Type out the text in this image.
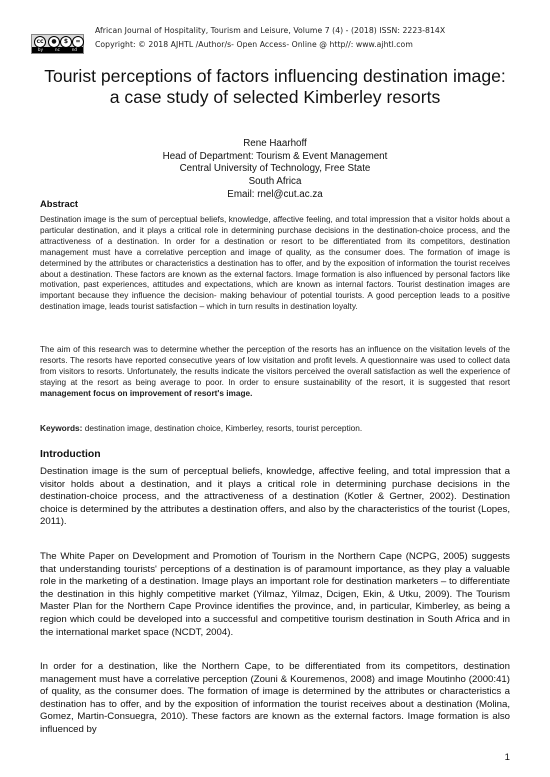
cc	●	$	=
by	nc	nd
African Journal of Hospitality, Tourism and Leisure, Volume 7 (4) - (2018) ISSN: 2223-814X
Copyright: © 2018 AJHTL /Author/s- Open Access- Online @ http//: www.ajhtl.com
Tourist perceptions of factors influencing destination image: a case study of selected Kimberley resorts
Rene Haarhoff
Head of Department: Tourism & Event Management
Central University of Technology, Free State
South Africa
Email: rnel@cut.ac.za
Abstract
Destination image is the sum of perceptual beliefs, knowledge, affective feeling, and total impression that a visitor holds about a particular destination, and it plays a critical role in determining purchase decisions in the destination-choice process, and the attractiveness of a destination. In order for a destination or resort to be differentiated from its competitors, destination management must have a correlative perception and image of quality, as the consumer does. The formation of image is determined by the attributes or characteristics a destination has to offer, and by the exposition of information the tourist receives about a destination. These factors are known as the external factors. Image formation is also influenced by personal factors like motivation, past experiences, attitudes and expectations, which are known as internal factors. Tourist destination images are important because they influence the decision- making behaviour of potential tourists. A good perception leads to a positive destination image, leads tourist satisfaction – which in turn results in destination loyalty.
The aim of this research was to determine whether the perception of the resorts has an influence on the visitation levels of the resorts. The resorts have reported consecutive years of low visitation and profit levels. A questionnaire was used to collect data from visitors to resorts. Unfortunately, the results indicate the visitors perceived the overall satisfaction as well the experience of staying at the resort as being average to poor. In order to ensure sustainability of the resort, it is suggested that resort management focus on improvement of resort's image.
Keywords: destination image, destination choice, Kimberley, resorts, tourist perception.
Introduction
Destination image is the sum of perceptual beliefs, knowledge, affective feeling, and total impression that a visitor holds about a destination, and it plays a critical role in determining purchase decisions in the destination-choice process, and the attractiveness of a destination (Kotler & Gertner, 2002). Destination choice is determined by the attributes a destination offers, and also by the characteristics of the tourist (Lopes, 2011).
The White Paper on Development and Promotion of Tourism in the Northern Cape (NCPG, 2005) suggests that understanding tourists' perceptions of a destination is of paramount importance, as they play a valuable role in the marketing of a destination. Image plays an important role for destination marketers – to differentiate the destination in this highly competitive market (Yilmaz, Yilmaz, Dcigen, Ekin, & Utku, 2009). The Tourism Master Plan for the Northern Cape Province identifies the province, and, in particular, Kimberley, as being a region which could be developed into a successful and competitive tourism destination in South Africa and in the international market space (NCDT, 2004).
In order for a destination, like the Northern Cape, to be differentiated from its competitors, destination management must have a correlative perception (Zouni & Kouremenos, 2008) and image Moutinho (2000:41) of quality, as the consumer does. The formation of image is determined by the attributes or characteristics a destination has to offer, and by the exposition of information the tourist receives about a destination (Molina, Gomez, Martin-Consuegra, 2010). These factors are known as the external factors. Image formation is also influenced by
1
